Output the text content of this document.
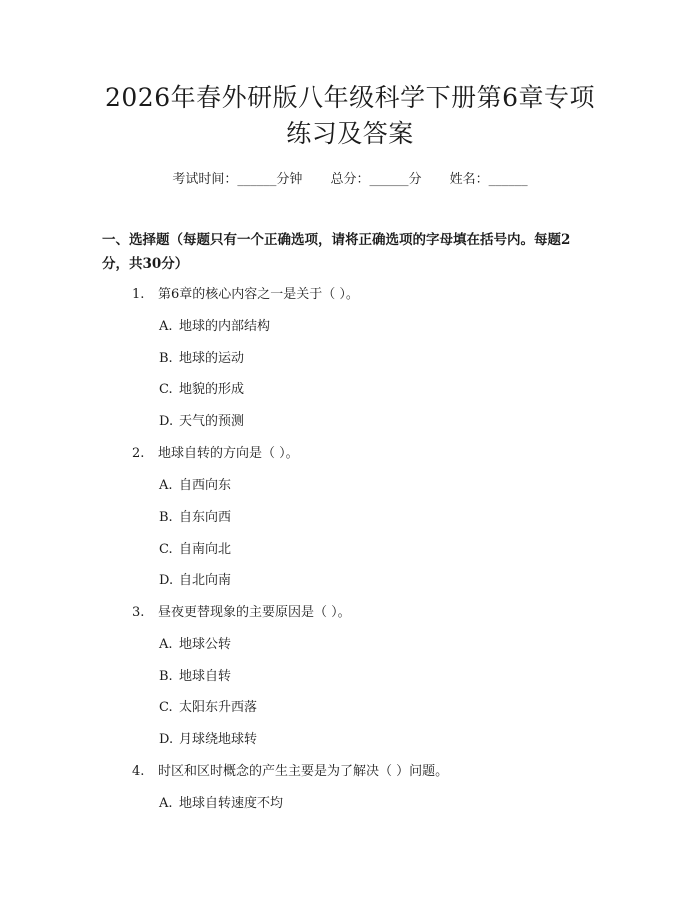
2026年春外研版八年级科学下册第6章专项
练习及答案
考试时间：______分钟 总分：______分 姓名：______
一、选择题（每题只有一个正确选项，请将正确选项的字母填在括号内。每题2
分，共30分）
1. 第6章的核心内容之一是关于（ ）。
A. 地球的内部结构
B. 地球的运动
C. 地貌的形成
D. 天气的预测
2. 地球自转的方向是（ ）。
A. 自西向东
B. 自东向西
C. 自南向北
D. 自北向南
3. 昼夜更替现象的主要原因是（ ）。
A. 地球公转
B. 地球自转
C. 太阳东升西落
D. 月球绕地球转
4. 时区和区时概念的产生主要是为了解决（ ）问题。
A. 地球自转速度不均
